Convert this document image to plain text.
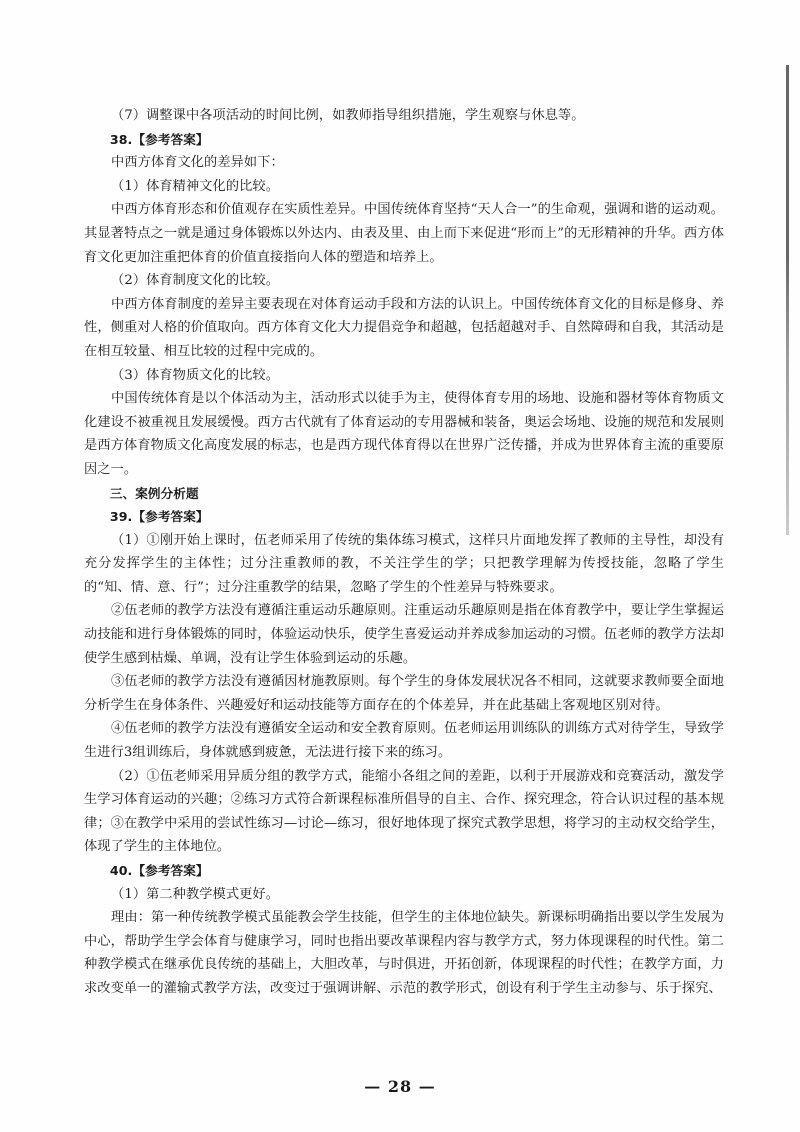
（7）调整课中各项活动的时间比例，如教师指导组织措施，学生观察与休息等。

38.【参考答案】

中西方体育文化的差异如下：

（1）体育精神文化的比较。

中西方体育形态和价值观存在实质性差异。中国传统体育坚持“天人合一”的生命观，强调和谐的运动观。其显著特点之一就是通过身体锻炼以外达内、由表及里、由上而下来促进“形而上”的无形精神的升华。西方体育文化更加注重把体育的价值直接指向人体的塑造和培养上。

（2）体育制度文化的比较。

中西方体育制度的差异主要表现在对体育运动手段和方法的认识上。中国传统体育文化的目标是修身、养性，侧重对人格的价值取向。西方体育文化大力提倡竞争和超越，包括超越对手、自然障碍和自我，其活动是在相互较量、相互比较的过程中完成的。

（3）体育物质文化的比较。

中国传统体育是以个体活动为主，活动形式以徒手为主，使得体育专用的场地、设施和器材等体育物质文化建设不被重视且发展缓慢。西方古代就有了体育运动的专用器械和装备，奥运会场地、设施的规范和发展则是西方体育物质文化高度发展的标志，也是西方现代体育得以在世界广泛传播，并成为世界体育主流的重要原因之一。

三、案例分析题

39.【参考答案】

（1）①刚开始上课时，伍老师采用了传统的集体练习模式，这样只片面地发挥了教师的主导性，却没有充分发挥学生的主体性；过分注重教师的教，不关注学生的学；只把教学理解为传授技能，忽略了学生的“知、情、意、行”；过分注重教学的结果，忽略了学生的个性差异与特殊要求。

②伍老师的教学方法没有遵循注重运动乐趣原则。注重运动乐趣原则是指在体育教学中，要让学生掌握运动技能和进行身体锻炼的同时，体验运动快乐，使学生喜爱运动并养成参加运动的习惯。伍老师的教学方法却使学生感到枯燥、单调，没有让学生体验到运动的乐趣。

③伍老师的教学方法没有遵循因材施教原则。每个学生的身体发展状况各不相同，这就要求教师要全面地分析学生在身体条件、兴趣爱好和运动技能等方面存在的个体差异，并在此基础上客观地区别对待。

④伍老师的教学方法没有遵循安全运动和安全教育原则。伍老师运用训练队的训练方式对待学生，导致学生进行3组训练后，身体就感到疲惫，无法进行接下来的练习。

（2）①伍老师采用异质分组的教学方式，能缩小各组之间的差距，以利于开展游戏和竞赛活动，激发学生学习体育运动的兴趣；②练习方式符合新课程标准所倡导的自主、合作、探究理念，符合认识过程的基本规律；③在教学中采用的尝试性练习—讨论—练习，很好地体现了探究式教学思想，将学习的主动权交给学生，体现了学生的主体地位。

40.【参考答案】

（1）第二种教学模式更好。

理由：第一种传统教学模式虽能教会学生技能，但学生的主体地位缺失。新课标明确指出要以学生发展为中心，帮助学生学会体育与健康学习，同时也指出要改革课程内容与教学方式，努力体现课程的时代性。第二种教学模式在继承优良传统的基础上，大胆改革，与时俱进，开拓创新，体现课程的时代性；在教学方面，力求改变单一的灌输式教学方法，改变过于强调讲解、示范的教学形式，创设有利于学生主动参与、乐于探究、

— 28 —
